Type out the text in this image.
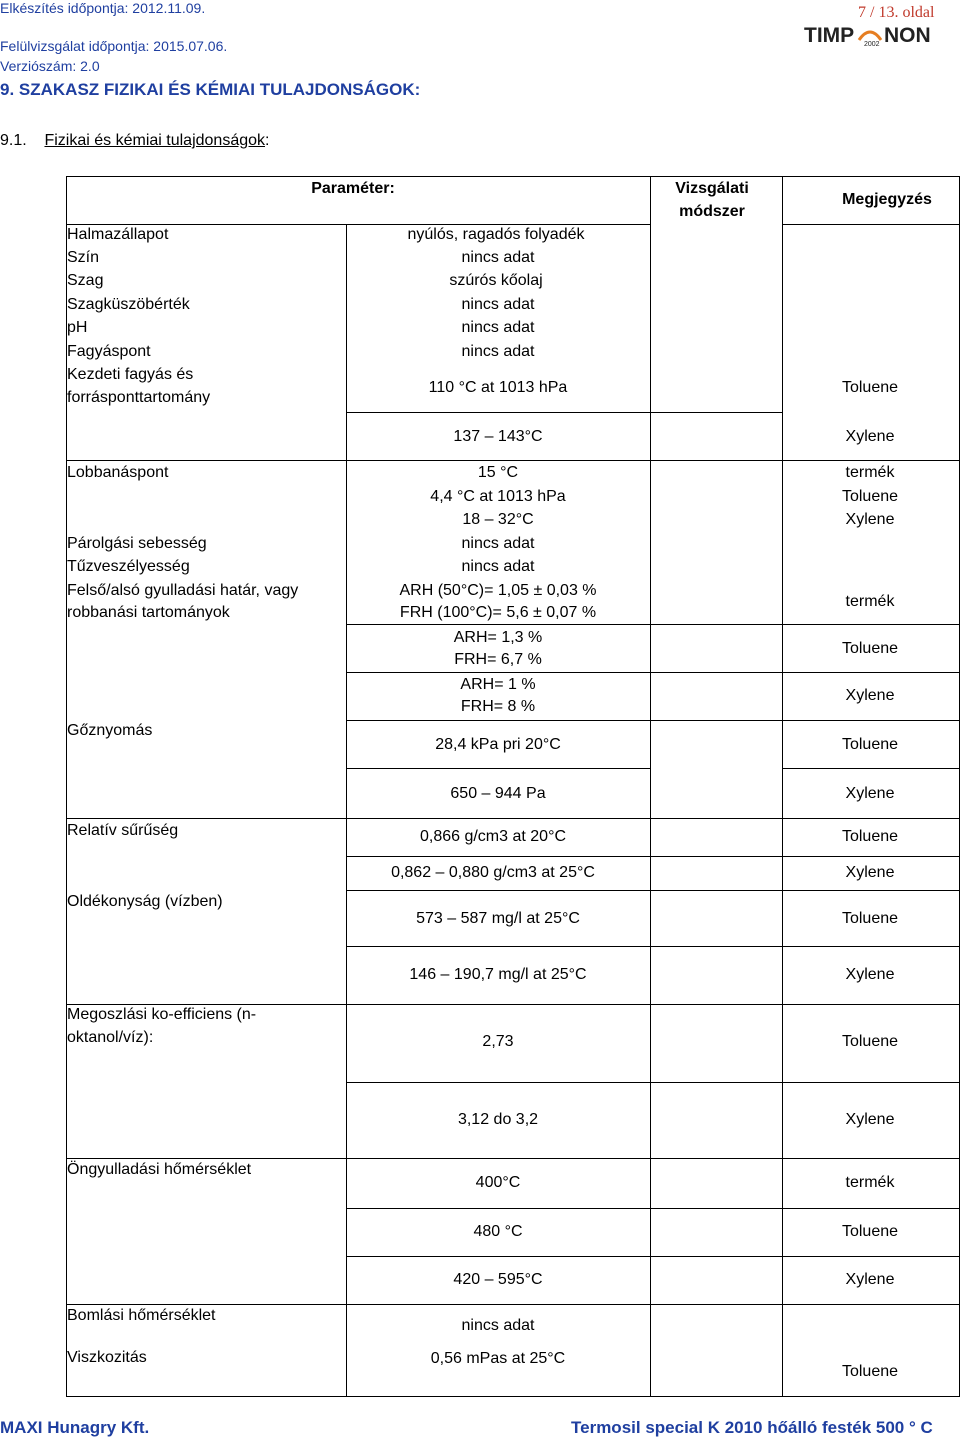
Elkészítés időpontja: 2012.11.09.
Felülvizsgálat időpontja: 2015.07.06.
Verziószám: 2.0
7 / 13. oldal
TIMP 2002 NON
9. SZAKASZ FIZIKAI ÉS KÉMIAI TULAJDONSÁGOK:
9.1. Fizikai és kémiai tulajdonságok:
Paraméter:	Vizsgálati
módszer
Megjegyzés
Halmazállapot
Szín
Szag
Szagküszöbérték
pH
Fagyáspont
Kezdeti fagyás és
forrásponttartomány
Lobbanáspont
Párolgási sebesség
Tűzveszélyesség
Felső/alsó gyulladási határ, vagy
robbanási tartományok
Gőznyomás
Relatív sűrűség
Oldékonyság (vízben)
Megoszlási ko-efficiens (n-
oktanol/víz):
Öngyulladási hőmérséklet
Bomlási hőmérséklet
Viszkozitás
nyúlós, ragadós folyadék
nincs adat
szúrós kőolaj
nincs adat
nincs adat
nincs adat
110 °C at 1013 hPa
137 – 143°C
15 °C
4,4 °C at 1013 hPa
18 – 32°C
nincs adat
nincs adat
ARH (50°C)= 1,05 ± 0,03 %
FRH (100°C)= 5,6 ± 0,07 %
ARH= 1,3 %
FRH= 6,7 %
ARH= 1 %
FRH= 8 %
28,4 kPa pri 20°C
650 – 944 Pa
0,866 g/cm3 at 20°C
0,862 – 0,880 g/cm3 at 25°C
573 – 587 mg/l at 25°C
146 – 190,7 mg/l at 25°C
2,73
3,12 do 3,2
400°C
480 °C
420 – 595°C
nincs adat
0,56 mPas at 25°C
Toluene
Xylene
termék
Toluene
Xylene
termék
Toluene
Xylene
Toluene
Xylene
Toluene
Xylene
Toluene
Xylene
Toluene
Xylene
termék
Toluene
Xylene
Toluene
MAXI Hunagry Kft.	Termosil special K 2010 hőálló festék 500 ° C
